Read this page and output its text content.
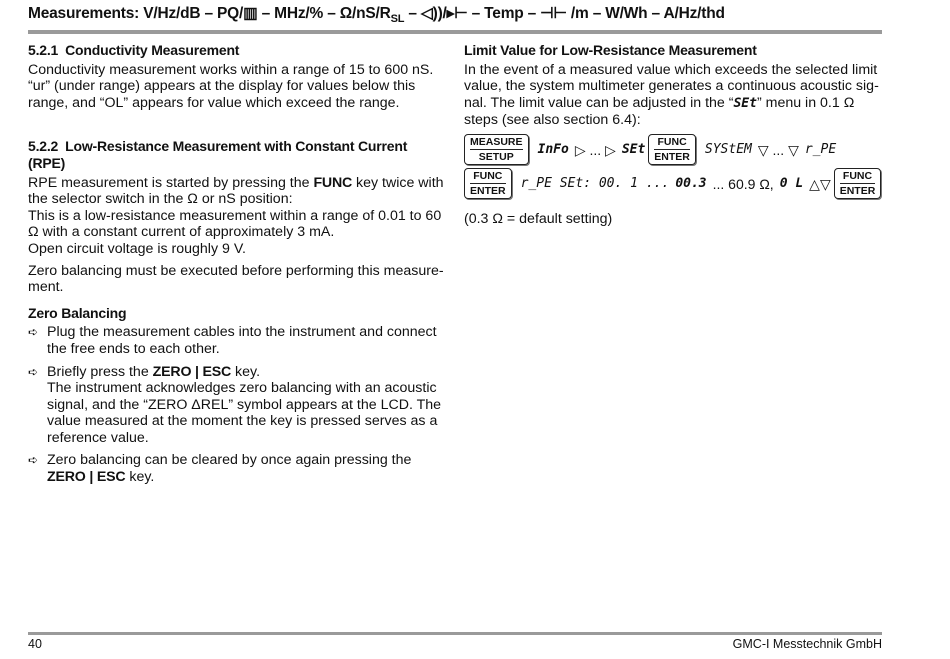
Measurements: V/Hz/dB – PQ/▥ – $MHz/\% - \Omega/nS/R_{SL}$ – ◁))/▸⊢ – Temp – ⊣⊢ /m – W/Wh – A/Hz/thd
5.2.1 Conductivity Measurement

Conductivity measurement works within a range of 15 to 600 nS. “ur” (under range) appears at the display for values below this range, and “OL” appears for value which exceed the range.

5.2.2 Low-Resistance Measurement with Constant Current (RPE)

RPE measurement is started by pressing the FUNC key twice with the selector switch in the Ω or nS position:
This is a low-resistance measurement within a range of 0.01 to 60 Ω with a constant current of approximately 3 mA.
Open circuit voltage is roughly 9 V.

Zero balancing must be executed before performing this measurement.

Zero Balancing
➪ Plug the measurement cables into the instrument and connect the free ends to each other.
➪ Briefly press the ZERO | ESC key.
The instrument acknowledges zero balancing with an acoustic signal, and the “ZERO ΔREL” symbol appears at the LCD. The value measured at the moment the key is pressed serves as a reference value.
➪ Zero balancing can be cleared by once again pressing the ZERO | ESC key.
Limit Value for Low-Resistance Measurement

In the event of a measured value which exceeds the selected limit value, the system multimeter generates a continuous acoustic signal. The limit value can be adjusted in the “SEt” menu in 0.1 Ω steps (see also section 6.4):

MEASURE
SETUP
InFo ▷ ... ▷ SEt FUNC
ENTER
SYStEM ▽ ... ▽ r_PE
FUNC
ENTER
r_PE SEt: 00. 1 ... 00.3 ... 60.9 Ω, 0 L △▽ FUNC
ENTER

(0.3 Ω = default setting)

40	GMC-I Messtechnik GmbH
